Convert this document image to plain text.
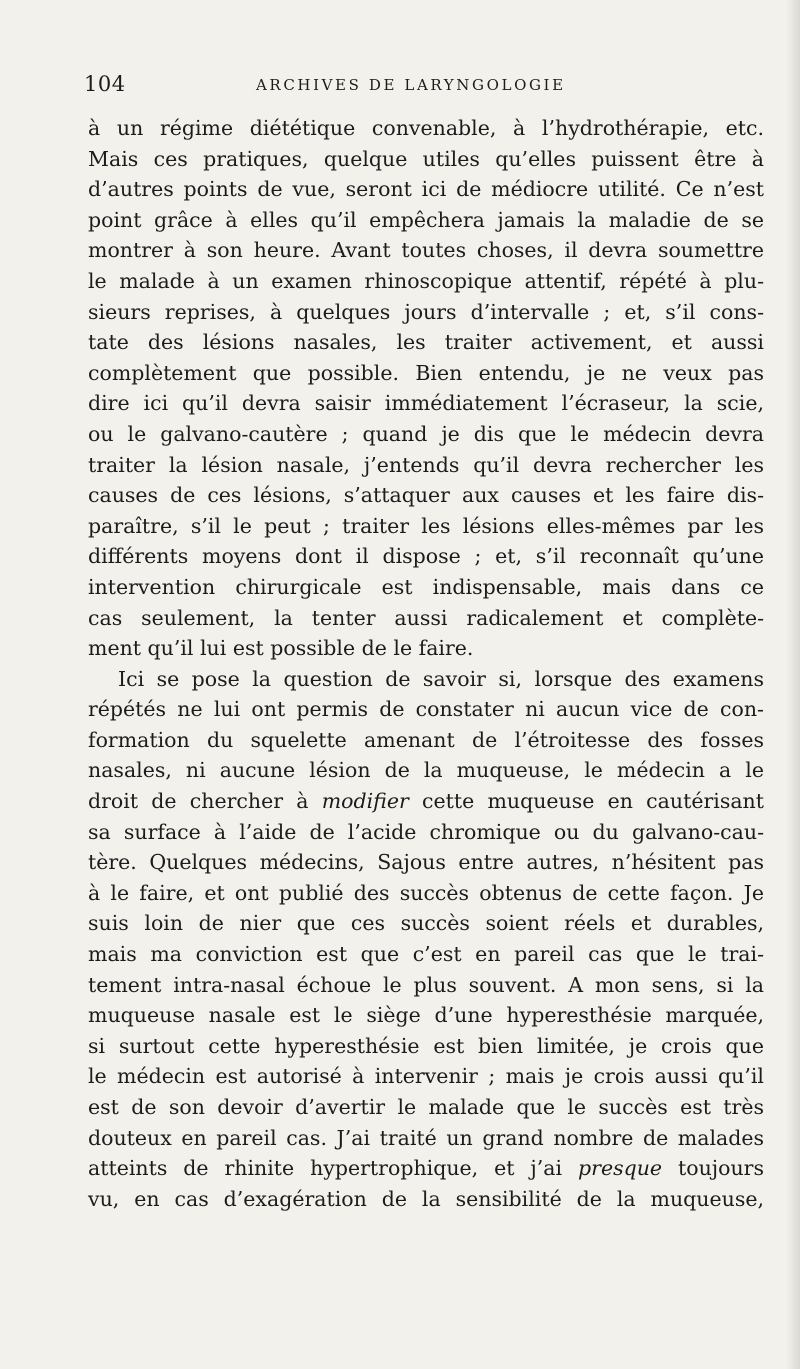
104	ARCHIVES DE LARYNGOLOGIE
à un régime diététique convenable, à l’hydrothérapie, etc.
Mais ces pratiques, quelque utiles qu’elles puissent être à
d’autres points de vue, seront ici de médiocre utilité. Ce n’est
point grâce à elles qu’il empêchera jamais la maladie de se
montrer à son heure. Avant toutes choses, il devra soumettre
le malade à un examen rhinoscopique attentif, répété à plu-
sieurs reprises, à quelques jours d’intervalle ; et, s’il cons-
tate des lésions nasales, les traiter activement, et aussi
complètement que possible. Bien entendu, je ne veux pas
dire ici qu’il devra saisir immédiatement l’écraseur, la scie,
ou le galvano-cautère ; quand je dis que le médecin devra
traiter la lésion nasale, j’entends qu’il devra rechercher les
causes de ces lésions, s’attaquer aux causes et les faire dis-
paraître, s’il le peut ; traiter les lésions elles-mêmes par les
différents moyens dont il dispose ; et, s’il reconnaît qu’une
intervention chirurgicale est indispensable, mais dans ce
cas seulement, la tenter aussi radicalement et complète-
ment qu’il lui est possible de le faire.
Ici se pose la question de savoir si, lorsque des examens
répétés ne lui ont permis de constater ni aucun vice de con-
formation du squelette amenant de l’étroitesse des fosses
nasales, ni aucune lésion de la muqueuse, le médecin a le
droit de chercher à modifier cette muqueuse en cautérisant
sa surface à l’aide de l’acide chromique ou du galvano-cau-
tère. Quelques médecins, Sajous entre autres, n’hésitent pas
à le faire, et ont publié des succès obtenus de cette façon. Je
suis loin de nier que ces succès soient réels et durables,
mais ma conviction est que c’est en pareil cas que le trai-
tement intra-nasal échoue le plus souvent. A mon sens, si la
muqueuse nasale est le siège d’une hyperesthésie marquée,
si surtout cette hyperesthésie est bien limitée, je crois que
le médecin est autorisé à intervenir ; mais je crois aussi qu’il
est de son devoir d’avertir le malade que le succès est très
douteux en pareil cas. J’ai traité un grand nombre de malades
atteints de rhinite hypertrophique, et j’ai presque toujours
vu, en cas d’exagération de la sensibilité de la muqueuse,
